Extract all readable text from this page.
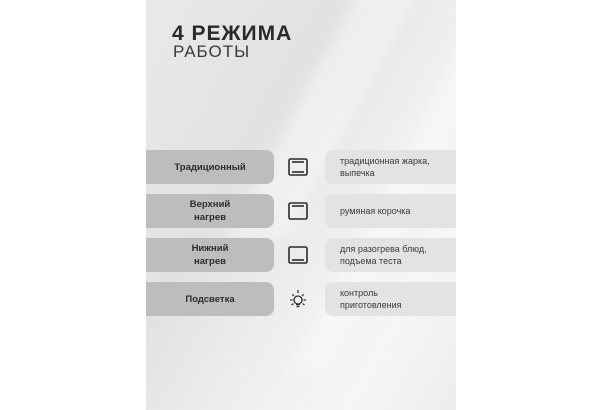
4 РЕЖИМА
РАБОТЫ
Традиционный
традиционная жарка,
выпечка
Верхний
нагрев
румяная корочка
Нижний
нагрев
для разогрева блюд,
подъема теста
Подсветка
контроль
приготовления
